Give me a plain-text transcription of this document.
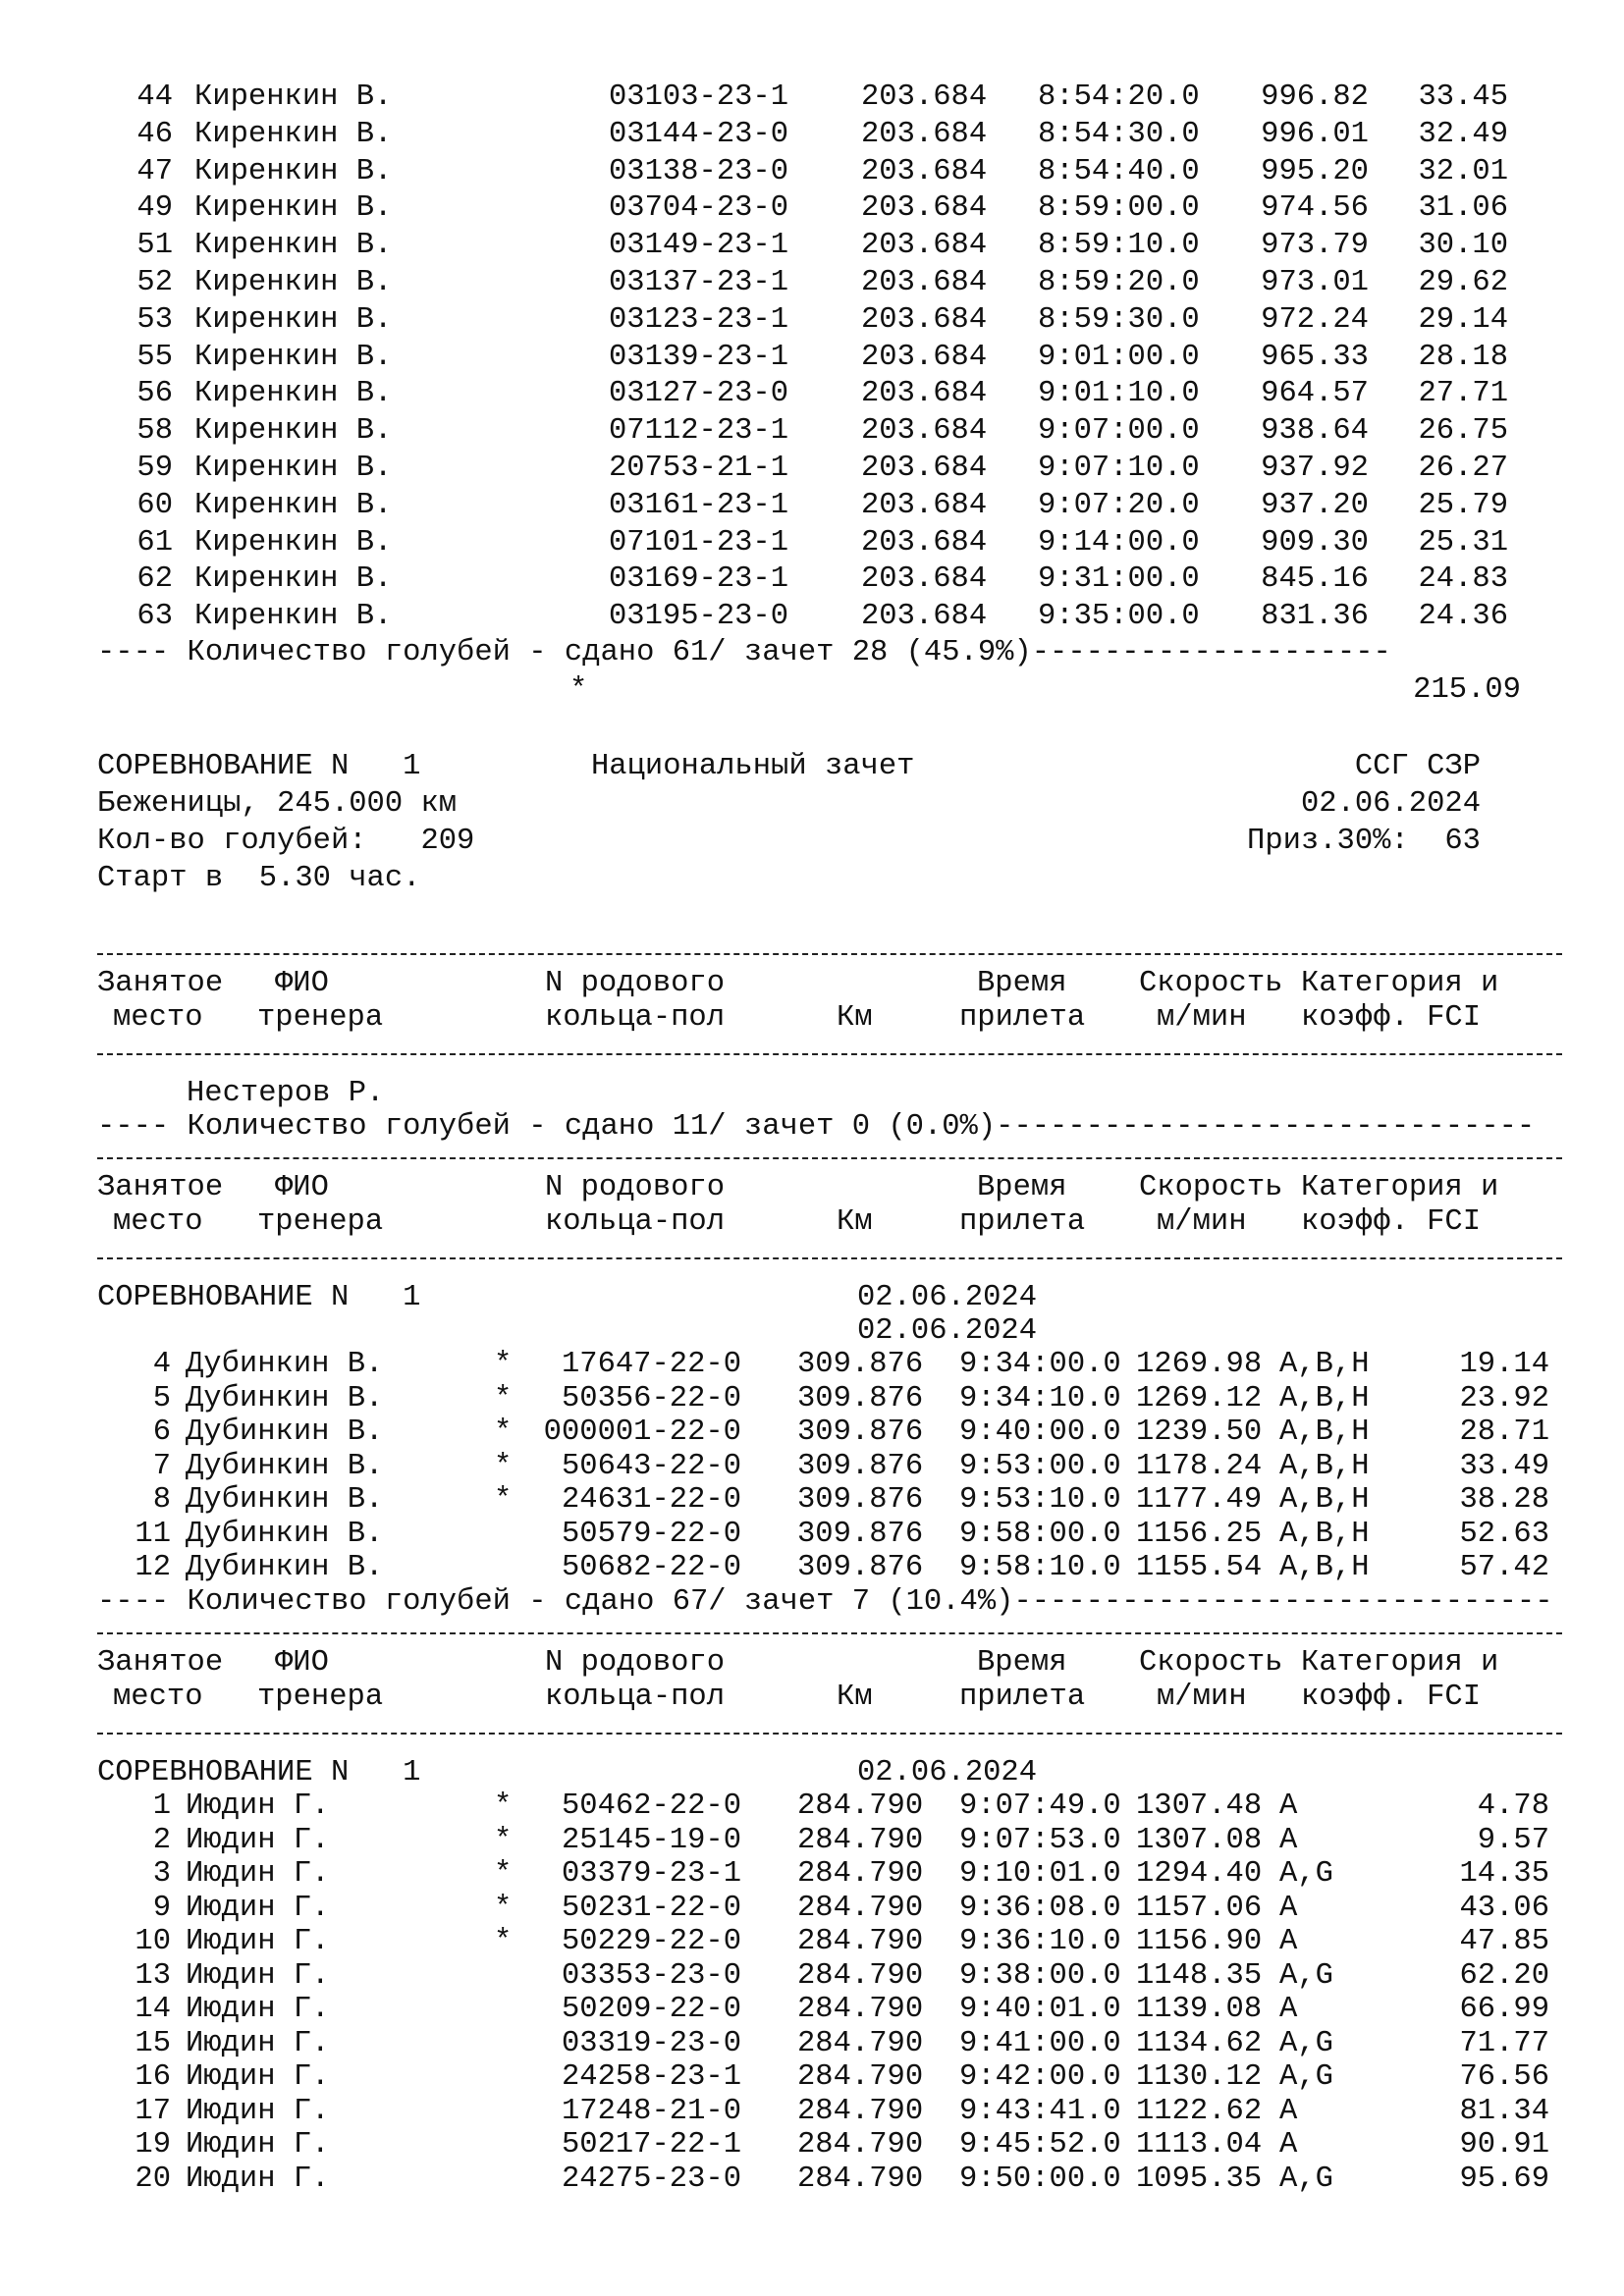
44 Киренкин В.	03103-23-1 203.684 8:54:20.0	996.82	33.45
46 Киренкин В.	03144-23-0 203.684 8:54:30.0	996.01	32.49
47 Киренкин В.	03138-23-0 203.684 8:54:40.0	995.20	32.01
49 Киренкин В.	03704-23-0 203.684 8:59:00.0	974.56	31.06
51 Киренкин В.	03149-23-1 203.684 8:59:10.0	973.79	30.10
52 Киренкин В.	03137-23-1 203.684 8:59:20.0	973.01	29.62
53 Киренкин В.	03123-23-1 203.684 8:59:30.0	972.24	29.14
55 Киренкин В.	03139-23-1 203.684 9:01:00.0	965.33	28.18
56 Киренкин В.	03127-23-0 203.684 9:01:10.0	964.57	27.71
58 Киренкин В.	07112-23-1 203.684 9:07:00.0	938.64	26.75
59 Киренкин В.	20753-21-1 203.684 9:07:10.0	937.92	26.27
60 Киренкин В.	03161-23-1 203.684 9:07:20.0	937.20	25.79
61 Киренкин В.	07101-23-1 203.684 9:14:00.0	909.30	25.31
62 Киренкин В.	03169-23-1 203.684 9:31:00.0	845.16	24.83
63 Киренкин В.	03195-23-0 203.684 9:35:00.0	831.36	24.36

---- Количество голубей - сдано 61/ зачет 28 (45.9%)--------------------

*

	215.09

СОРЕВНОВАНИЕ N   1

	Национальный зачет

	ССГ СЗР

Беженицы, 245.000 км

	02.06.2024

Кол-во голубей:   209

	Приз.30%:  63

Старт в  5.30 час.

Занятое ФИО	N родового	Время Скорость Категория и
место тренера	кольца-пол	Км	прилета м/мин коэфф. FCI

Нестеров Р.

---- Количество голубей - сдано 11/ зачет 0 (0.0%)------------------------------

Занятое ФИО	N родового	Время Скорость Категория и
место тренера	кольца-пол	Км	прилета м/мин коэфф. FCI

СОРЕВНОВАНИЕ N   1

	02.06.2024

02.06.2024

4 Дубинкин В.	*	17647-22-0 309.876 9:34:00.0 1269.98 A,B,H	19.14
5 Дубинкин В.	*	50356-22-0 309.876 9:34:10.0 1269.12 A,B,H	23.92
6 Дубинкин В.	* 000001-22-0 309.876 9:40:00.0 1239.50 A,B,H	28.71
7 Дубинкин В.	*	50643-22-0 309.876 9:53:00.0 1178.24 A,B,H	33.49
8 Дубинкин В.	*	24631-22-0 309.876 9:53:10.0 1177.49 A,B,H	38.28
11 Дубинкин В.	50579-22-0 309.876 9:58:00.0 1156.25 A,B,H	52.63
12 Дубинкин В.	50682-22-0 309.876 9:58:10.0 1155.54 A,B,H	57.42

---- Количество голубей - сдано 67/ зачет 7 (10.4%)------------------------------

Занятое ФИО	N родового	Время Скорость Категория и
место тренера	кольца-пол	Км	прилета м/мин коэфф. FCI

СОРЕВНОВАНИЕ N   1

	02.06.2024

1 Июдин Г.	*	50462-22-0 284.790 9:07:49.0 1307.48 A	4.78
2 Июдин Г.	*	25145-19-0 284.790 9:07:53.0 1307.08 A	9.57
3 Июдин Г.	*	03379-23-1 284.790 9:10:01.0 1294.40 A,G	14.35
9 Июдин Г.	*	50231-22-0 284.790 9:36:08.0 1157.06 A	43.06
10 Июдин Г.	*	50229-22-0 284.790 9:36:10.0 1156.90 A	47.85
13 Июдин Г.	03353-23-0 284.790 9:38:00.0 1148.35 A,G	62.20
14 Июдин Г.	50209-22-0 284.790 9:40:01.0 1139.08 A	66.99
15 Июдин Г.	03319-23-0 284.790 9:41:00.0 1134.62 A,G	71.77
16 Июдин Г.	24258-23-1 284.790 9:42:00.0 1130.12 A,G	76.56
17 Июдин Г.	17248-21-0 284.790 9:43:41.0 1122.62 A	81.34
19 Июдин Г.	50217-22-1 284.790 9:45:52.0 1113.04 A	90.91
20 Июдин Г.	24275-23-0 284.790 9:50:00.0 1095.35 A,G	95.69
